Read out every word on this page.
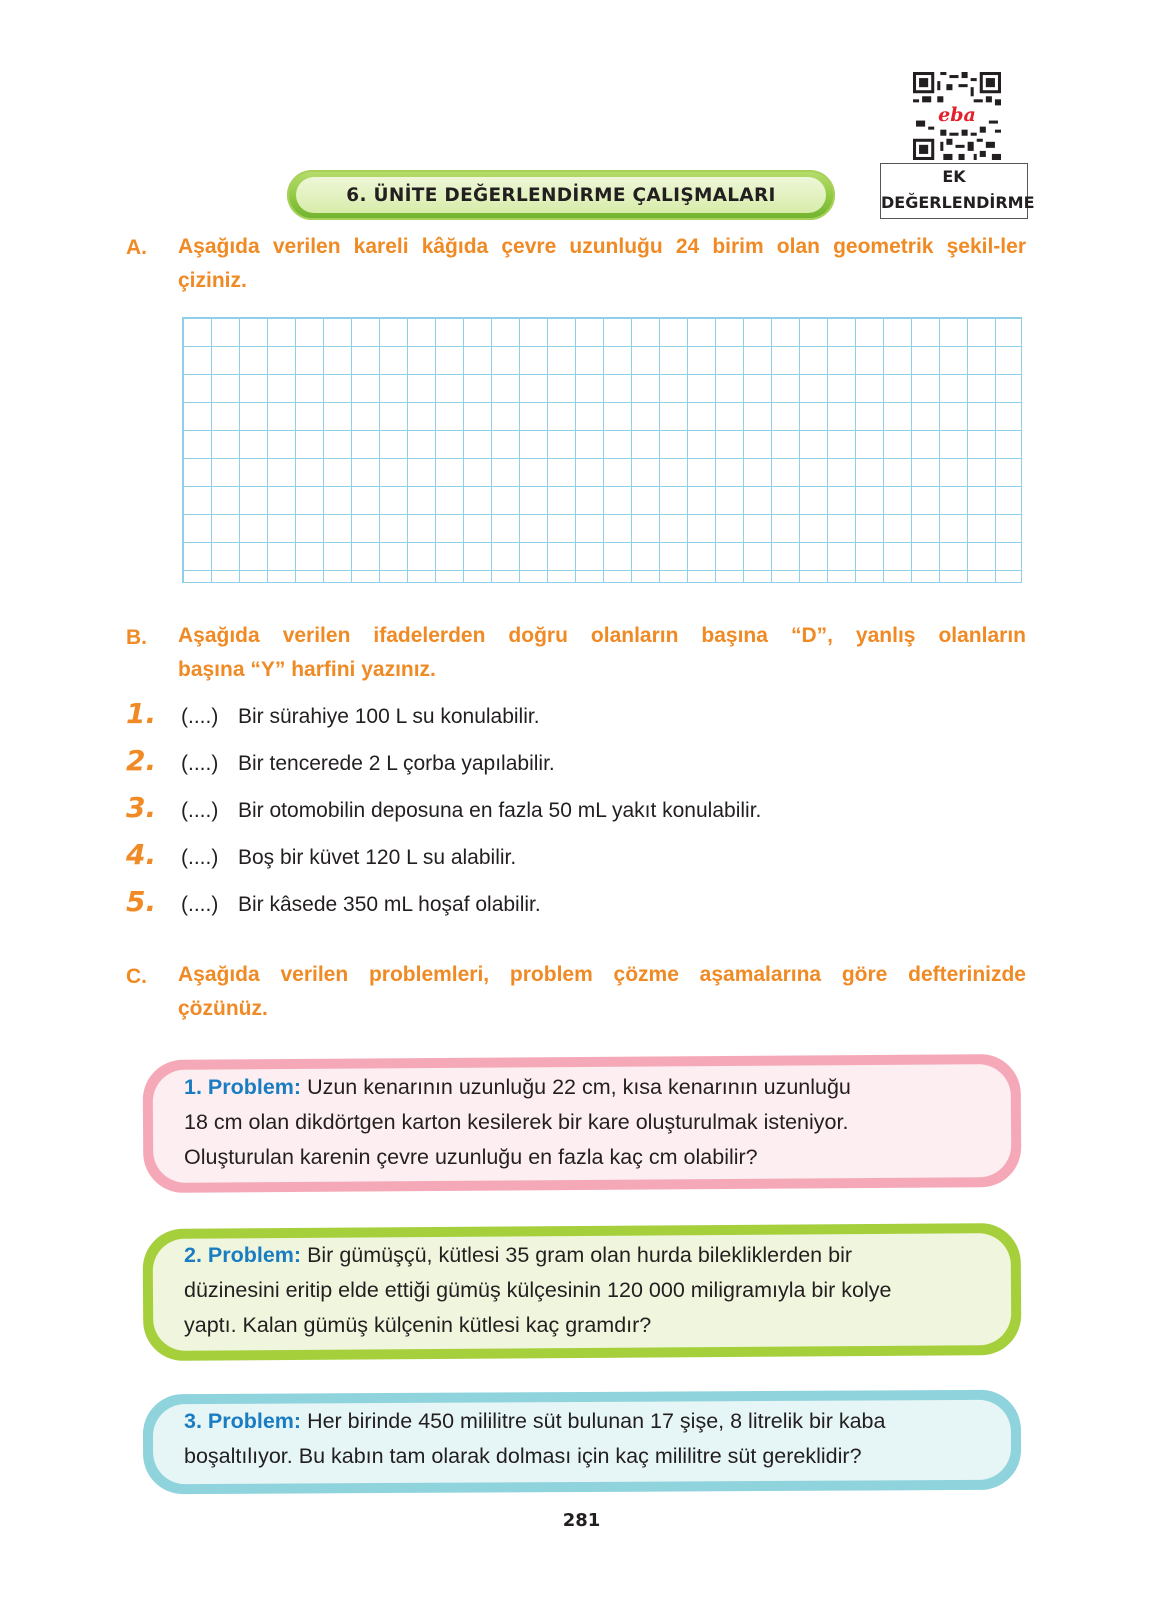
eba
EK
DEĞERLENDİRME
6. ÜNİTE DEĞERLENDİRME ÇALIŞMALARI
A. Aşağıda verilen kareli kâğıda çevre uzunluğu 24 birim olan geometrik şekil-ler çiziniz.
B. Aşağıda verilen ifadelerden doğru olanların başına “D”, yanlış olanların
başına “Y” harfini yazınız.
1.	(....) Bir sürahiye 100 L su konulabilir.
2.	(....) Bir tencerede 2 L çorba yapılabilir.
3.	(....) Bir otomobilin deposuna en fazla 50 mL yakıt konulabilir.
4.	(....) Boş bir küvet 120 L su alabilir.
5.	(....) Bir kâsede 350 mL hoşaf olabilir.
C. Aşağıda verilen problemleri, problem çözme aşamalarına göre defterinizde
çözünüz.
1. Problem: Uzun kenarının uzunluğu 22 cm, kısa kenarının uzunluğu
18 cm olan dikdörtgen karton kesilerek bir kare oluşturulmak isteniyor.
Oluşturulan karenin çevre uzunluğu en fazla kaç cm olabilir?
2. Problem: Bir gümüşçü, kütlesi 35 gram olan hurda bilekliklerden bir
düzinesini eritip elde ettiği gümüş külçesinin 120 000 miligramıyla bir kolye
yaptı. Kalan gümüş külçenin kütlesi kaç gramdır?
3. Problem: Her birinde 450 mililitre süt bulunan 17 şişe, 8 litrelik bir kaba
boşaltılıyor. Bu kabın tam olarak dolması için kaç mililitre süt gereklidir?
281
